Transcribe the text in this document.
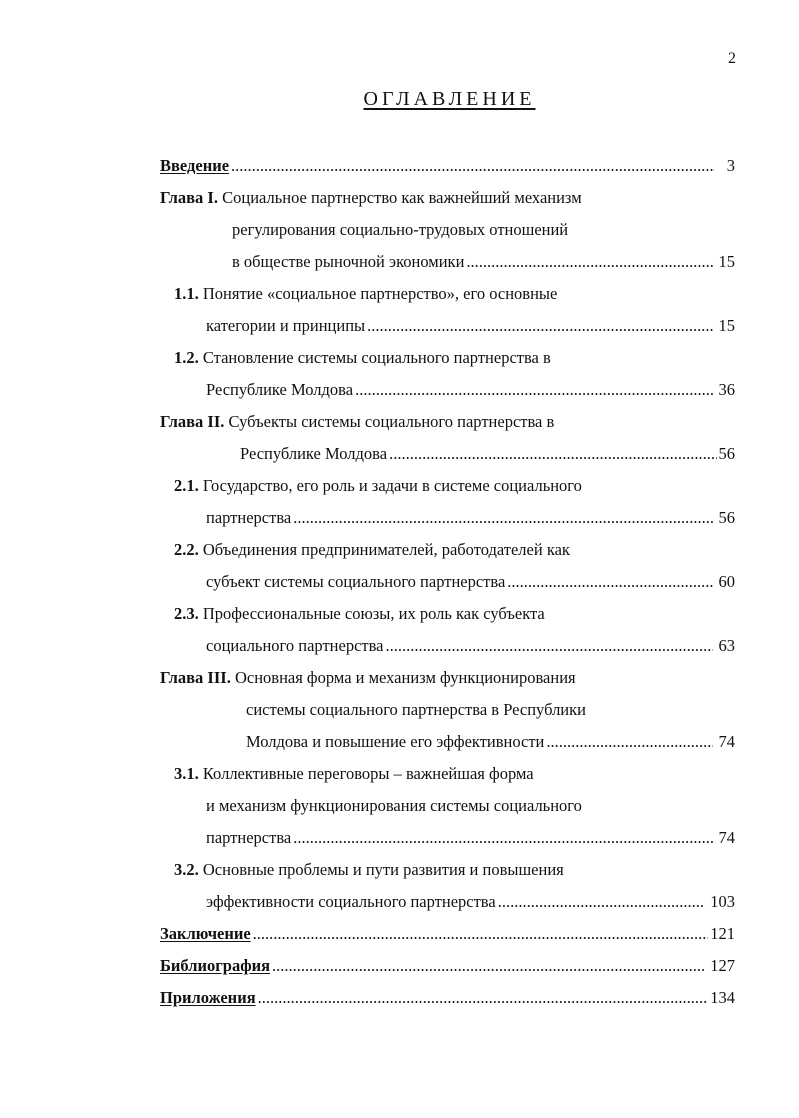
2
ОГЛАВЛЕНИЕ
Введение .....	3
Глава I. Социальное партнерство как важнейший механизм
регулирования социально-трудовых отношений
в обществе рыночной экономики .....	15
1.1. Понятие «социальное партнерство», его основные
категории и принципы .....	15
1.2. Становление системы социального партнерства в
Республике Молдова .....	36
Глава II. Субъекты системы социального партнерства в
Республике Молдова .....	56
2.1. Государство, его роль и задачи в системе социального
партнерства .....	56
2.2. Объединения предпринимателей, работодателей как
субъект системы социального партнерства .....	60
2.3. Профессиональные союзы, их роль как субъекта
социального партнерства .....	63
Глава III. Основная форма и механизм функционирования
системы социального партнерства в Республики
Молдова и повышение его эффективности .....	74
3.1. Коллективные переговоры – важнейшая форма
и механизм функционирования системы социального
партнерства .....	74
3.2. Основные проблемы и пути развития и повышения
эффективности социального партнерства .....	103
Заключение .....	121
Библиография .....	127
Приложения .....	134
